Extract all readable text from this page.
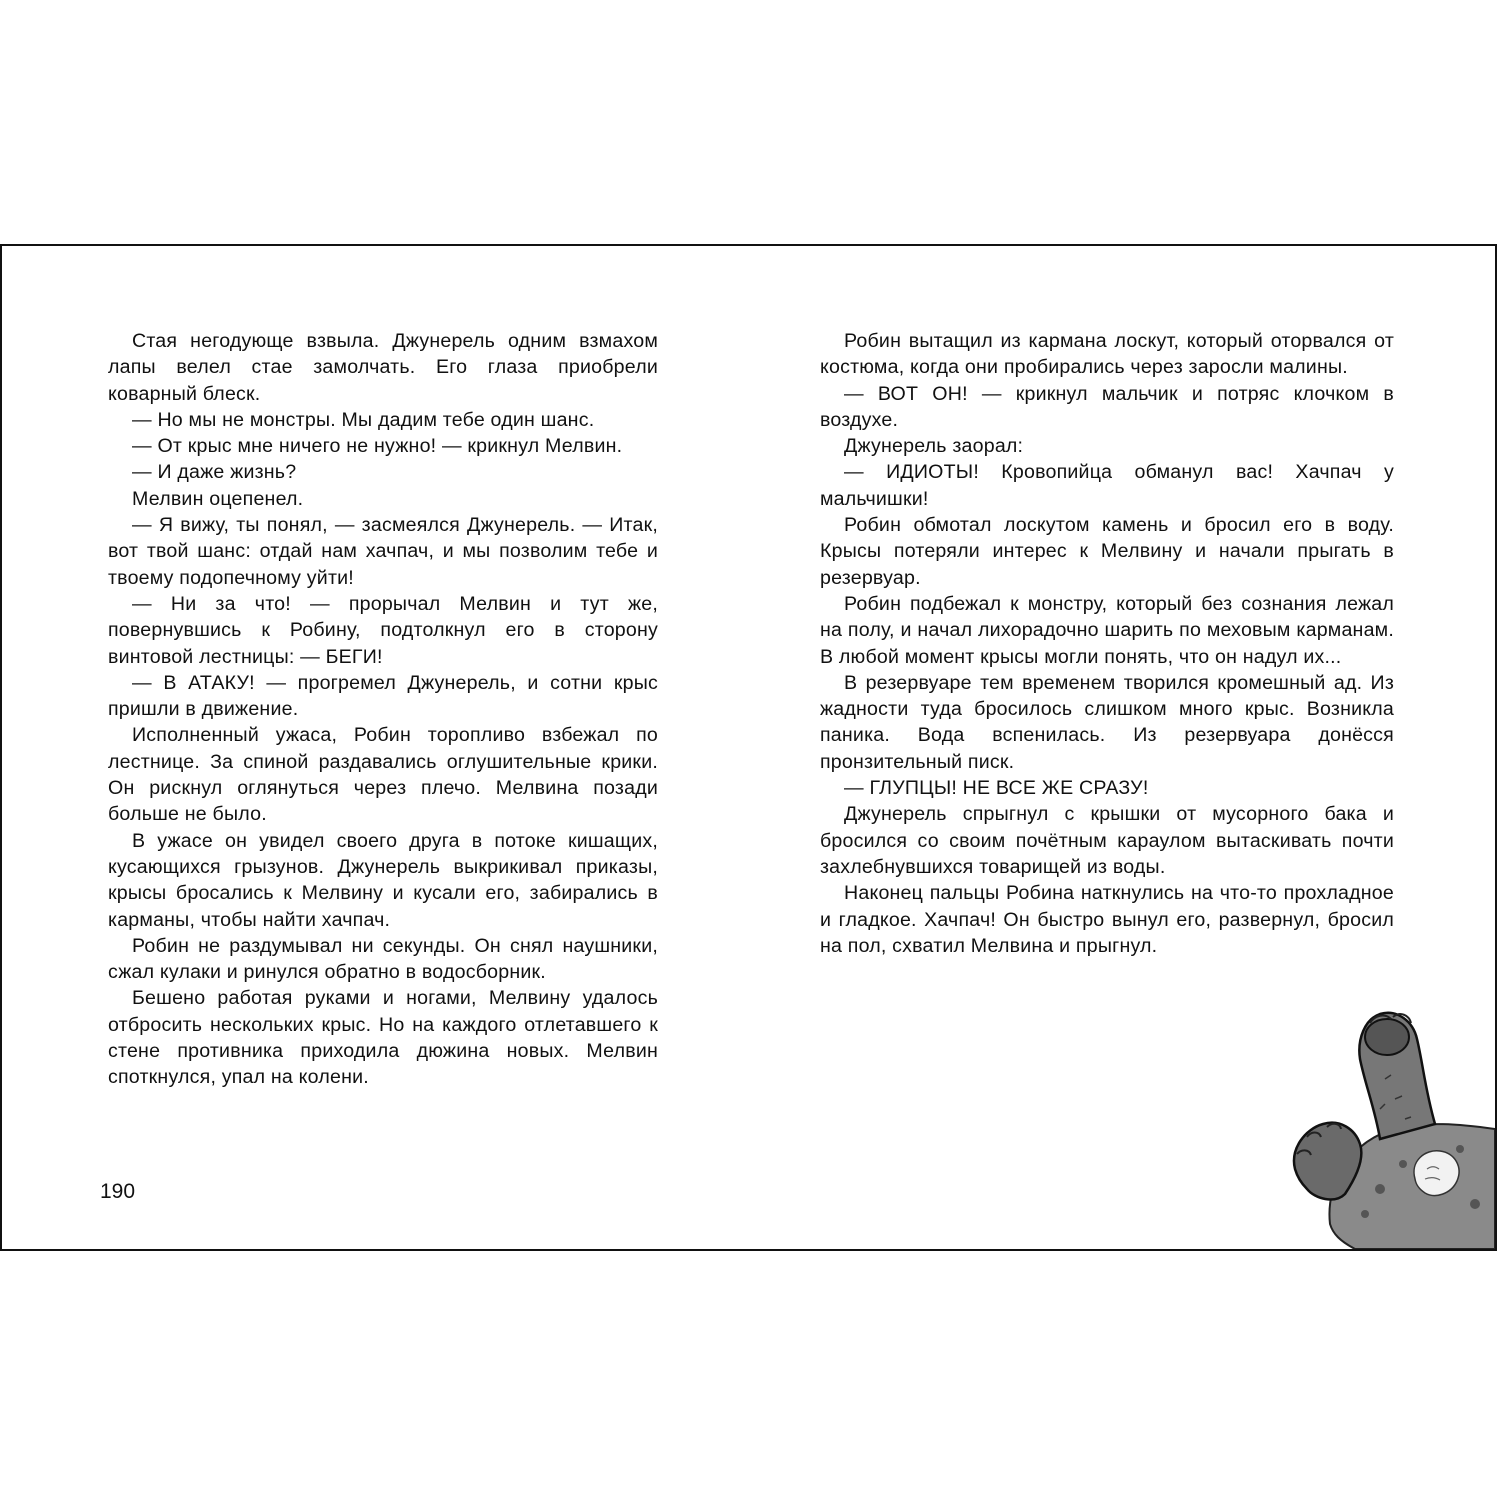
Стая негодующе взвыла. Джунерель одним взмахом лапы велел стае замолчать. Его глаза приобрели коварный блеск.

— Но мы не монстры. Мы дадим тебе один шанс.

— От крыс мне ничего не нужно! — крикнул Мелвин.

— И даже жизнь?

Мелвин оцепенел.

— Я вижу, ты понял, — засмеялся Джунерель. — Итак, вот твой шанс: отдай нам хачпач, и мы позволим тебе и твоему подопечному уйти!

— Ни за что! — прорычал Мелвин и тут же, повернувшись к Робину, подтолкнул его в сторону винтовой лестницы: — БЕГИ!

— В АТАКУ! — прогремел Джунерель, и сотни крыс пришли в движение.

Исполненный ужаса, Робин торопливо взбежал по лестнице. За спиной раздавались оглушительные крики. Он рискнул оглянуться через плечо. Мелвина позади больше не было.

В ужасе он увидел своего друга в потоке кишащих, кусающихся грызунов. Джунерель выкрикивал приказы, крысы бросались к Мелвину и кусали его, забирались в карманы, чтобы найти хачпач.

Робин не раздумывал ни секунды. Он снял наушники, сжал кулаки и ринулся обратно в водосборник.

Бешено работая руками и ногами, Мелвину удалось отбросить нескольких крыс. Но на каждого отлетавшего к стене противника приходила дюжина новых. Мелвин споткнулся, упал на колени.

190

Робин вытащил из кармана лоскут, который оторвался от костюма, когда они пробирались через заросли малины.

— ВОТ ОН! — крикнул мальчик и потряс клочком в воздухе.

Джунерель заорал:

— ИДИОТЫ! Кровопийца обманул вас! Хачпач у мальчишки!

Робин обмотал лоскутом камень и бросил его в воду. Крысы потеряли интерес к Мелвину и начали прыгать в резервуар.

Робин подбежал к монстру, который без сознания лежал на полу, и начал лихорадочно шарить по меховым карманам. В любой момент крысы могли понять, что он надул их...

В резервуаре тем временем творился кромешный ад. Из жадности туда бросилось слишком много крыс. Возникла паника. Вода вспенилась. Из резервуара донёсся пронзительный писк.

— ГЛУПЦЫ! НЕ ВСЕ ЖЕ СРАЗУ!

Джунерель спрыгнул с крышки от мусорного бака и бросился со своим почётным караулом вытаскивать почти захлебнувшихся товарищей из воды.

Наконец пальцы Робина наткнулись на что-то прохладное и гладкое. Хачпач! Он быстро вынул его, развернул, бросил на пол, схватил Мелвина и прыгнул.
